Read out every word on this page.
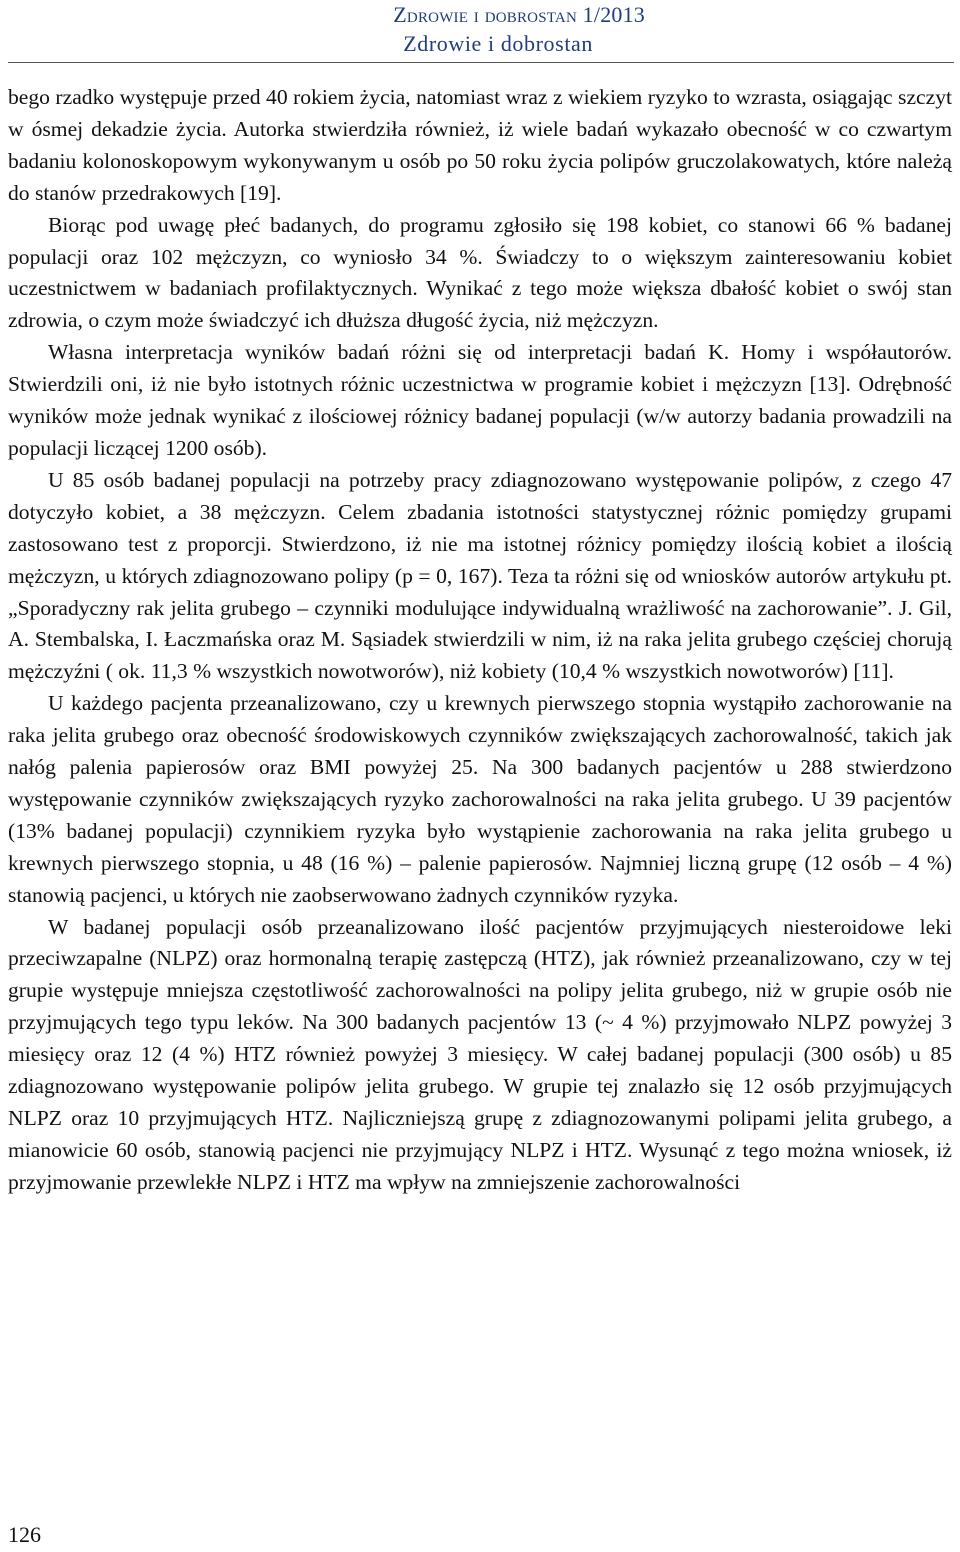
Zdrowie i dobrostan 1/2013
Zdrowie i dobrostan

bego rzadko występuje przed 40 rokiem życia, natomiast wraz z wiekiem ryzyko to wzrasta, osiągając szczyt w ósmej dekadzie życia. Autorka stwierdziła również, iż wiele badań wykazało obecność w co czwartym badaniu kolonoskopowym wykonywanym u osób po 50 roku życia polipów gruczolakowatych, które należą do stanów przedrakowych [19].

Biorąc pod uwagę płeć badanych, do programu zgłosiło się 198 kobiet, co stanowi 66 % badanej populacji oraz 102 mężczyzn, co wyniosło 34 %. Świadczy to o większym zainteresowaniu kobiet uczestnictwem w badaniach profilaktycznych. Wynikać z tego może większa dbałość kobiet o swój stan zdrowia, o czym może świadczyć ich dłuższa długość życia, niż mężczyzn.

Własna interpretacja wyników badań różni się od interpretacji badań K. Homy i współautorów. Stwierdzili oni, iż nie było istotnych różnic uczestnictwa w programie kobiet i mężczyzn [13]. Odrębność wyników może jednak wynikać z ilościowej różnicy badanej populacji (w/w autorzy badania prowadzili na populacji liczącej 1200 osób).

U 85 osób badanej populacji na potrzeby pracy zdiagnozowano występowanie polipów, z czego 47 dotyczyło kobiet, a 38 mężczyzn. Celem zbadania istotności statystycznej różnic pomiędzy grupami zastosowano test z proporcji. Stwierdzono, iż nie ma istotnej różnicy pomiędzy ilością kobiet a ilością mężczyzn, u których zdiagnozowano polipy (p = 0, 167). Teza ta różni się od wniosków autorów artykułu pt. „Sporadyczny rak jelita grubego – czynniki modulujące indywidualną wrażliwość na zachorowanie”. J. Gil, A. Stembalska, I. Łaczmańska oraz M. Sąsiadek stwierdzili w nim, iż na raka jelita grubego częściej chorują mężczyźni ( ok. 11,3 % wszystkich nowotworów), niż kobiety (10,4 % wszystkich nowotworów) [11].

U każdego pacjenta przeanalizowano, czy u krewnych pierwszego stopnia wystąpiło zachorowanie na raka jelita grubego oraz obecność środowiskowych czynników zwiększających zachorowalność, takich jak nałóg palenia papierosów oraz BMI powyżej 25. Na 300 badanych pacjentów u 288 stwierdzono występowanie czynników zwiększających ryzyko zachorowalności na raka jelita grubego. U 39 pacjentów (13% badanej populacji) czynnikiem ryzyka było wystąpienie zachorowania na raka jelita grubego u krewnych pierwszego stopnia, u 48 (16 %) – palenie papierosów. Najmniej liczną grupę (12 osób – 4 %) stanowią pacjenci, u których nie zaobserwowano żadnych czynników ryzyka.

W badanej populacji osób przeanalizowano ilość pacjentów przyjmujących niesteroidowe leki przeciwzapalne (NLPZ) oraz hormonalną terapię zastępczą (HTZ), jak również przeanalizowano, czy w tej grupie występuje mniejsza częstotliwość zachorowalności na polipy jelita grubego, niż w grupie osób nie przyjmujących tego typu leków. Na 300 badanych pacjentów 13 (~ 4 %) przyjmowało NLPZ powyżej 3 miesięcy oraz 12 (4 %) HTZ również powyżej 3 miesięcy. W całej badanej populacji (300 osób) u 85 zdiagnozowano występowanie polipów jelita grubego. W grupie tej znalazło się 12 osób przyjmujących NLPZ oraz 10 przyjmujących HTZ. Najliczniejszą grupę z zdiagnozowanymi polipami jelita grubego, a mianowicie 60 osób, stanowią pacjenci nie przyjmujący NLPZ i HTZ. Wysunąć z tego można wniosek, iż przyjmowanie przewlekłe NLPZ i HTZ ma wpływ na zmniejszenie zachorowalności

126
